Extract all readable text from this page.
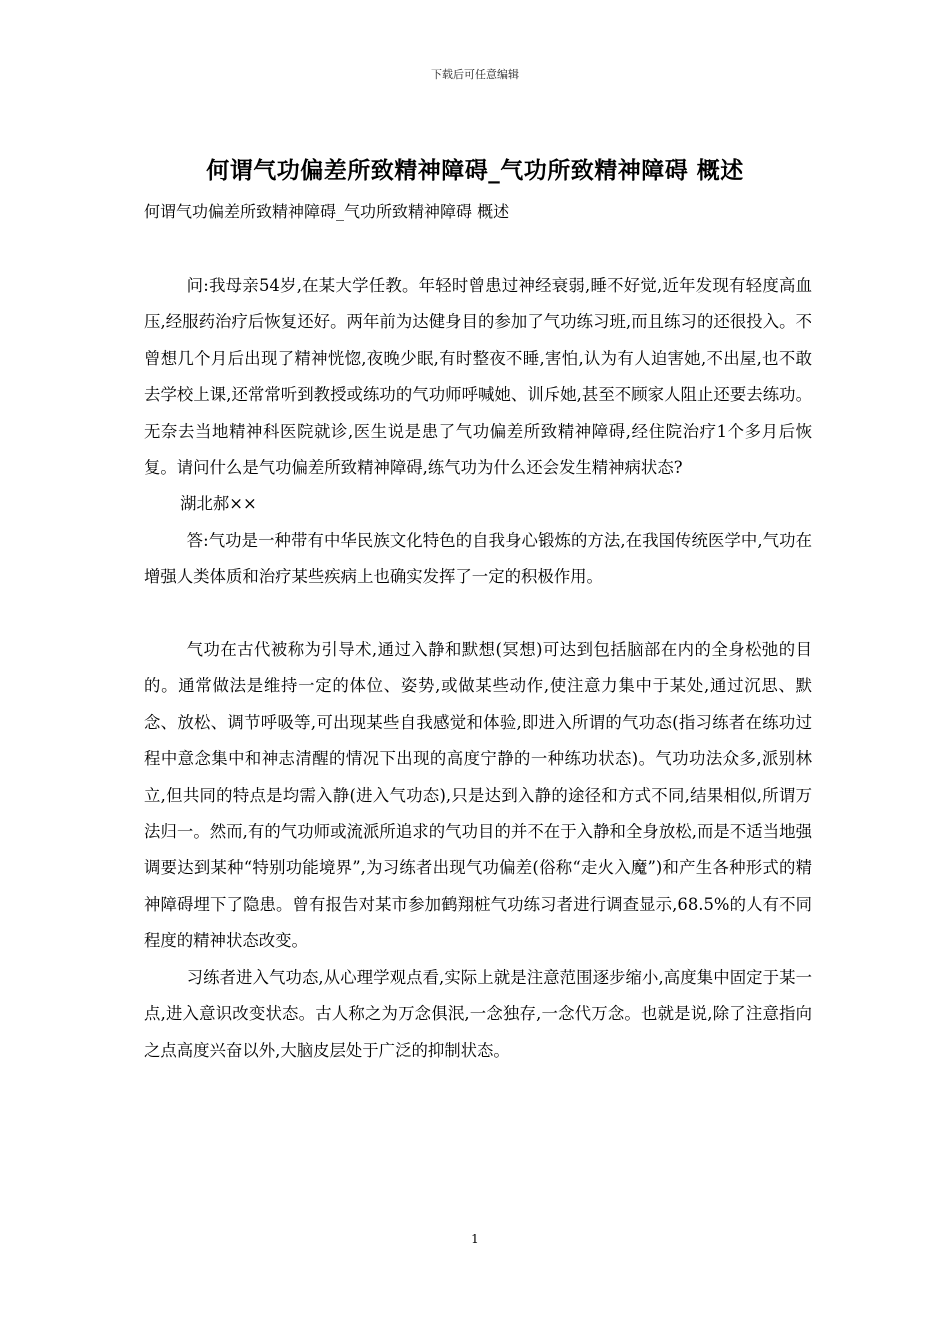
下载后可任意编辑
何谓气功偏差所致精神障碍_气功所致精神障碍 概述
何谓气功偏差所致精神障碍_气功所致精神障碍 概述

问:我母亲54岁,在某大学任教。年轻时曾患过神经衰弱,睡不好觉,近年发现有轻度高血压,经服药治疗后恢复还好。两年前为达健身目的参加了气功练习班,而且练习的还很投入。不曾想几个月后出现了精神恍惚,夜晚少眠,有时整夜不睡,害怕,认为有人迫害她,不出屋,也不敢去学校上课,还常常听到教授或练功的气功师呼喊她、训斥她,甚至不顾家人阻止还要去练功。无奈去当地精神科医院就诊,医生说是患了气功偏差所致精神障碍,经住院治疗1个多月后恢复。请问什么是气功偏差所致精神障碍,练气功为什么还会发生精神病状态?

湖北郝××

答:气功是一种带有中华民族文化特色的自我身心锻炼的方法,在我国传统医学中,气功在增强人类体质和治疗某些疾病上也确实发挥了一定的积极作用。

气功在古代被称为引导术,通过入静和默想(冥想)可达到包括脑部在内的全身松弛的目的。通常做法是维持一定的体位、姿势,或做某些动作,使注意力集中于某处,通过沉思、默念、放松、调节呼吸等,可出现某些自我感觉和体验,即进入所谓的气功态(指习练者在练功过程中意念集中和神志清醒的情况下出现的高度宁静的一种练功状态)。气功功法众多,派别林立,但共同的特点是均需入静(进入气功态),只是达到入静的途径和方式不同,结果相似,所谓万法归一。然而,有的气功师或流派所追求的气功目的并不在于入静和全身放松,而是不适当地强调要达到某种“特别功能境界”,为习练者出现气功偏差(俗称“走火入魔”)和产生各种形式的精神障碍埋下了隐患。曾有报告对某市参加鹤翔桩气功练习者进行调查显示,68.5%的人有不同程度的精神状态改变。

习练者进入气功态,从心理学观点看,实际上就是注意范围逐步缩小,高度集中固定于某一点,进入意识改变状态。古人称之为万念俱泯,一念独存,一念代万念。也就是说,除了注意指向之点高度兴奋以外,大脑皮层处于广泛的抑制状态。

1
